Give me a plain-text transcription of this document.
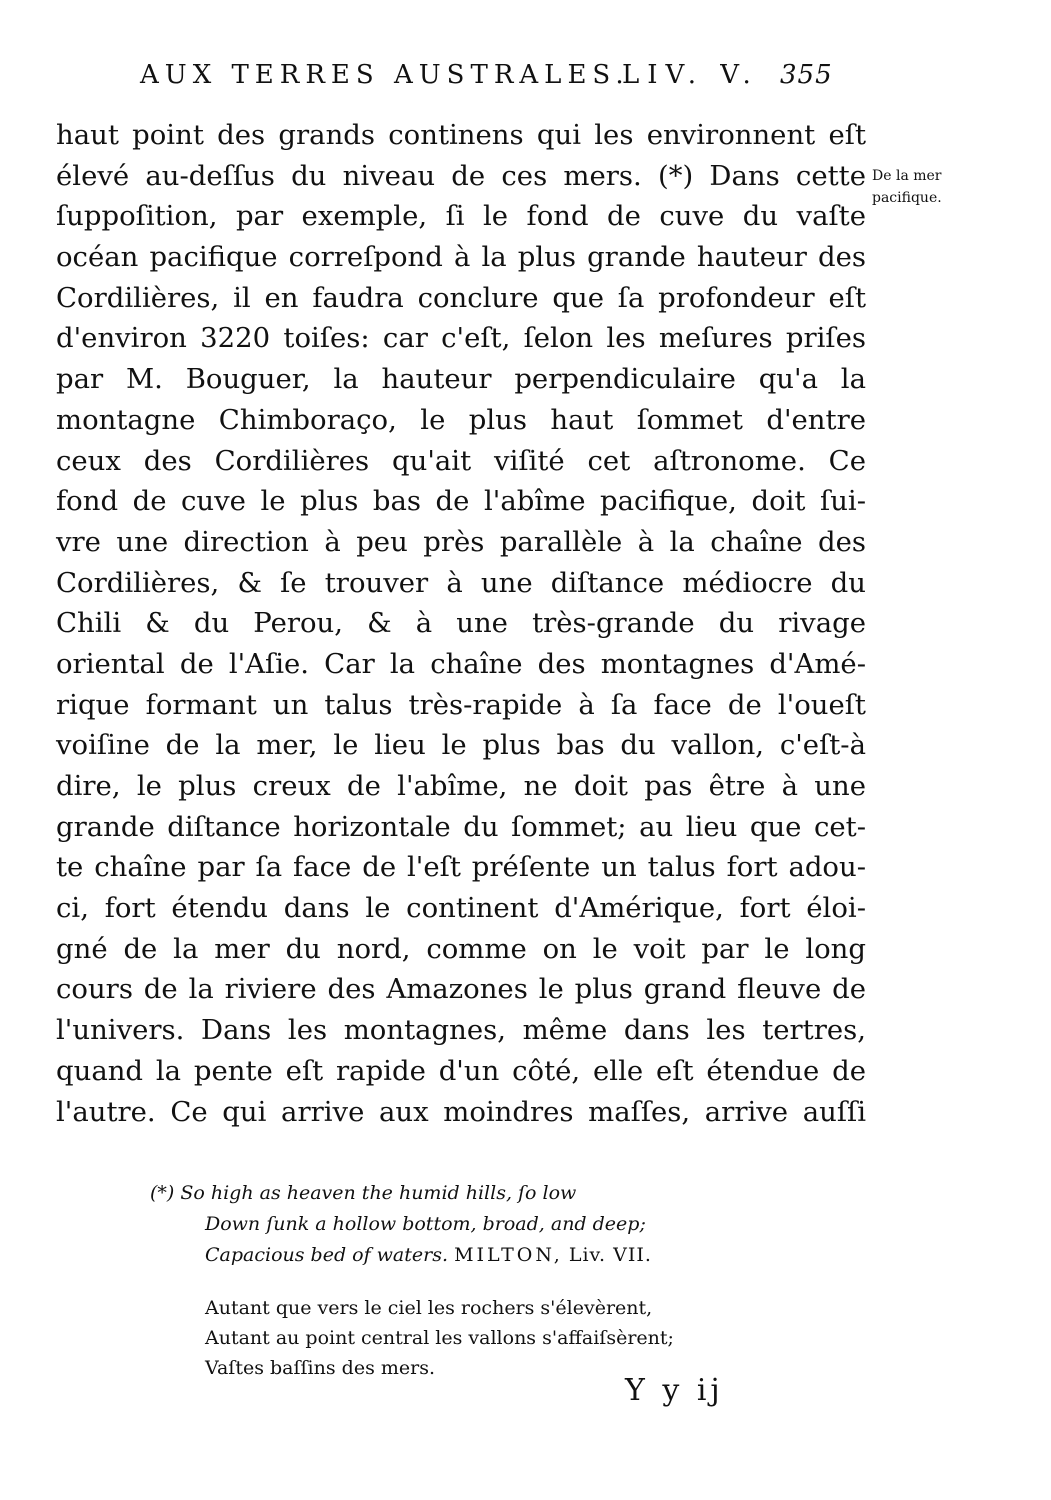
AUX TERRES AUSTRALES.
LIV. V. 355
De la mer
pacifique.
haut point des grands continens qui les environnent eſt
élevé au-deſſus du niveau de ces mers. (*) Dans cette
ſuppoſition, par exemple, ſi le fond de cuve du vaſte
océan pacifique correſpond à la plus grande hauteur des
Cordilières, il en faudra conclure que ſa profondeur eſt
d'environ 3220 toiſes: car c'eſt, ſelon les meſures priſes
par M. Bouguer, la hauteur perpendiculaire qu'a la
montagne Chimboraço, le plus haut ſommet d'entre
ceux des Cordilières qu'ait viſité cet aſtronome. Ce
fond de cuve le plus bas de l'abîme pacifique, doit ſui-
vre une direction à peu près parallèle à la chaîne des
Cordilières, & ſe trouver à une diſtance médiocre du
Chili & du Perou, & à une très-grande du rivage
oriental de l'Aſie. Car la chaîne des montagnes d'Amé-
rique formant un talus très-rapide à ſa face de l'oueſt
voiſine de la mer, le lieu le plus bas du vallon, c'eſt-à
dire, le plus creux de l'abîme, ne doit pas être à une
grande diſtance horizontale du ſommet; au lieu que cet-
te chaîne par ſa face de l'eſt préſente un talus fort adou-
ci, fort étendu dans le continent d'Amérique, fort éloi-
gné de la mer du nord, comme on le voit par le long
cours de la riviere des Amazones le plus grand fleuve de
l'univers. Dans les montagnes, même dans les tertres,
quand la pente eſt rapide d'un côté, elle eſt étendue de
l'autre. Ce qui arrive aux moindres maſſes, arrive auſſi
(*) So high as heaven the humid hills, ſo low
Down ſunk a hollow bottom, broad, and deep;
Capacious bed of waters. MILTON, Liv. VII.
Autant que vers le ciel les rochers s'élevèrent,
Autant au point central les vallons s'affaiſsèrent;
Vaſtes baſſins des mers.
Y y ij
